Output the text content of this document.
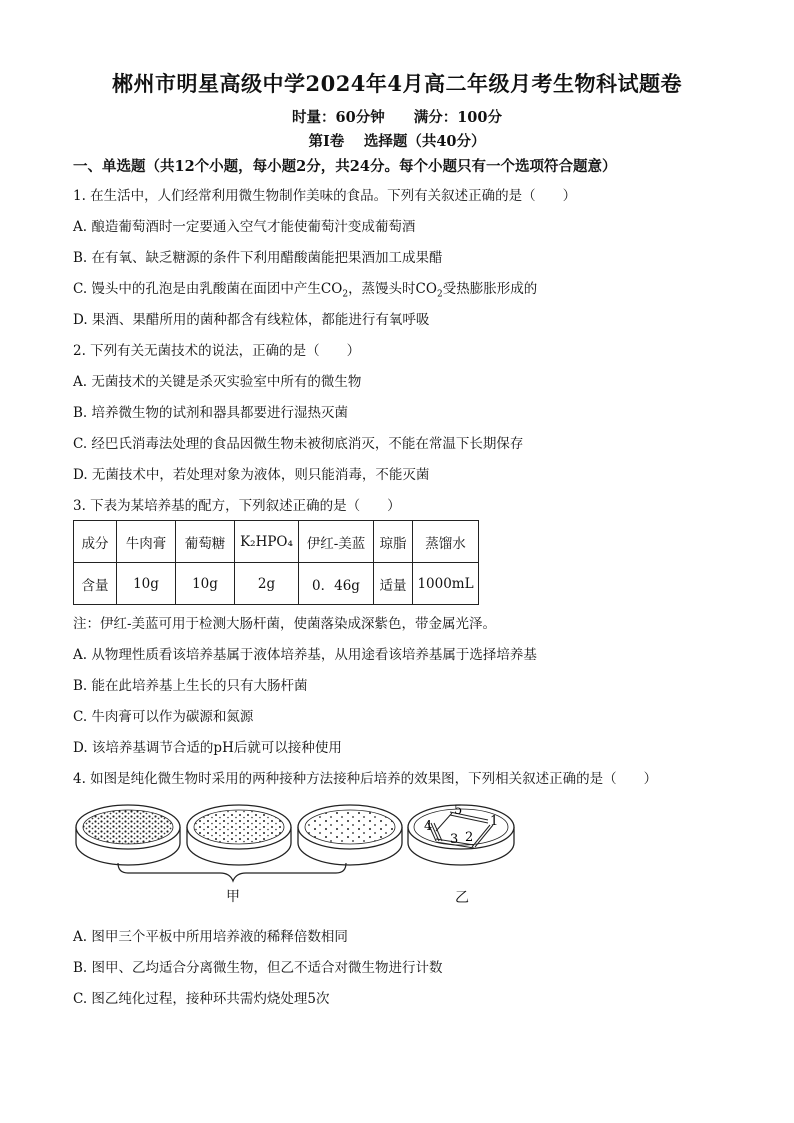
郴州市明星高级中学2024年4月高二年级月考生物科试题卷
时量：60分钟　　满分：100分
第Ⅰ卷　 选择题（共40分）
一、单选题（共12个小题，每小题2分，共24分。每个小题只有一个选项符合题意）
1. 在生活中，人们经常利用微生物制作美味的食品。下列有关叙述正确的是（　　）
A. 酿造葡萄酒时一定要通入空气才能使葡萄汁变成葡萄酒
B. 在有氧、缺乏糖源的条件下利用醋酸菌能把果酒加工成果醋
C. 馒头中的孔泡是由乳酸菌在面团中产生$CO_2$，蒸馒头时$CO_2$受热膨胀形成的
D. 果酒、果醋所用的菌种都含有线粒体，都能进行有氧呼吸
2. 下列有关无菌技术的说法，正确的是（　　）
A. 无菌技术的关键是杀灭实验室中所有的微生物
B. 培养微生物的试剂和器具都要进行湿热灭菌
C. 经巴氏消毒法处理的食品因微生物未被彻底消灭，不能在常温下长期保存
D. 无菌技术中，若处理对象为液体，则只能消毒，不能灭菌
3. 下表为某培养基的配方，下列叙述正确的是（　　）
成分	牛肉膏	葡萄糖	K₂HPO₄	伊红-美蓝	琼脂	蒸馏水
含量	10g	10g	2g	0．46g	适量	1000mL
注：伊红-美蓝可用于检测大肠杆菌，使菌落染成深紫色，带金属光泽。
A. 从物理性质看该培养基属于液体培养基，从用途看该培养基属于选择培养基
B. 能在此培养基上生长的只有大肠杆菌
C. 牛肉膏可以作为碳源和氮源
D. 该培养基调节合适的pH后就可以接种使用
4. 如图是纯化微生物时采用的两种接种方法接种后培养的效果图，下列相关叙述正确的是（　　）
4
5
1
2
3
甲	乙
A. 图甲三个平板中所用培养液的稀释倍数相同
B. 图甲、乙均适合分离微生物，但乙不适合对微生物进行计数
C. 图乙纯化过程，接种环共需灼烧处理5次
